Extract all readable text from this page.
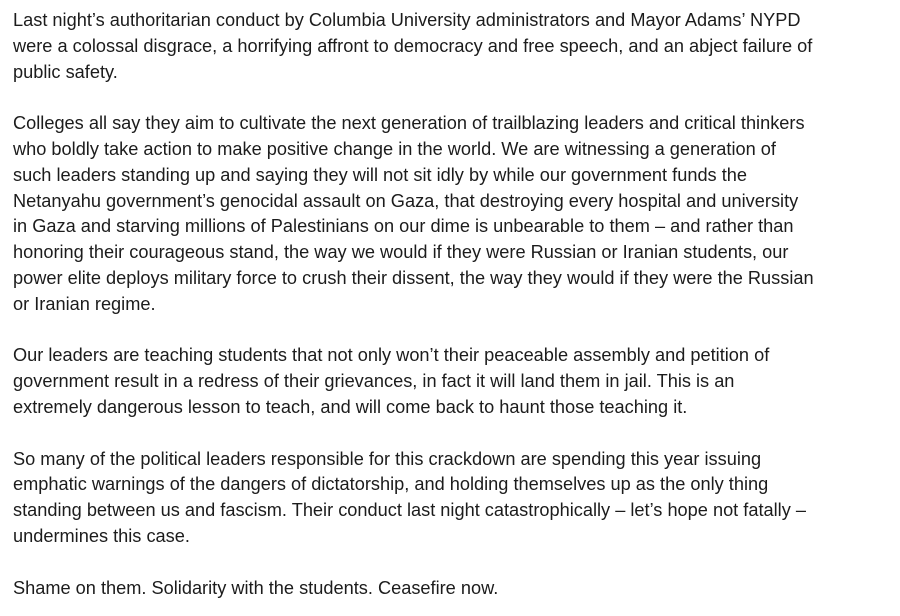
Last night’s authoritarian conduct by Columbia University administrators and Mayor Adams’ NYPD
were a colossal disgrace, a horrifying affront to democracy and free speech, and an abject failure of
public safety.

Colleges all say they aim to cultivate the next generation of trailblazing leaders and critical thinkers
who boldly take action to make positive change in the world. We are witnessing a generation of
such leaders standing up and saying they will not sit idly by while our government funds the
Netanyahu government’s genocidal assault on Gaza, that destroying every hospital and university
in Gaza and starving millions of Palestinians on our dime is unbearable to them – and rather than
honoring their courageous stand, the way we would if they were Russian or Iranian students, our
power elite deploys military force to crush their dissent, the way they would if they were the Russian
or Iranian regime.

Our leaders are teaching students that not only won’t their peaceable assembly and petition of
government result in a redress of their grievances, in fact it will land them in jail. This is an
extremely dangerous lesson to teach, and will come back to haunt those teaching it.

So many of the political leaders responsible for this crackdown are spending this year issuing
emphatic warnings of the dangers of dictatorship, and holding themselves up as the only thing
standing between us and fascism. Their conduct last night catastrophically – let’s hope not fatally –
undermines this case.

Shame on them. Solidarity with the students. Ceasefire now.
